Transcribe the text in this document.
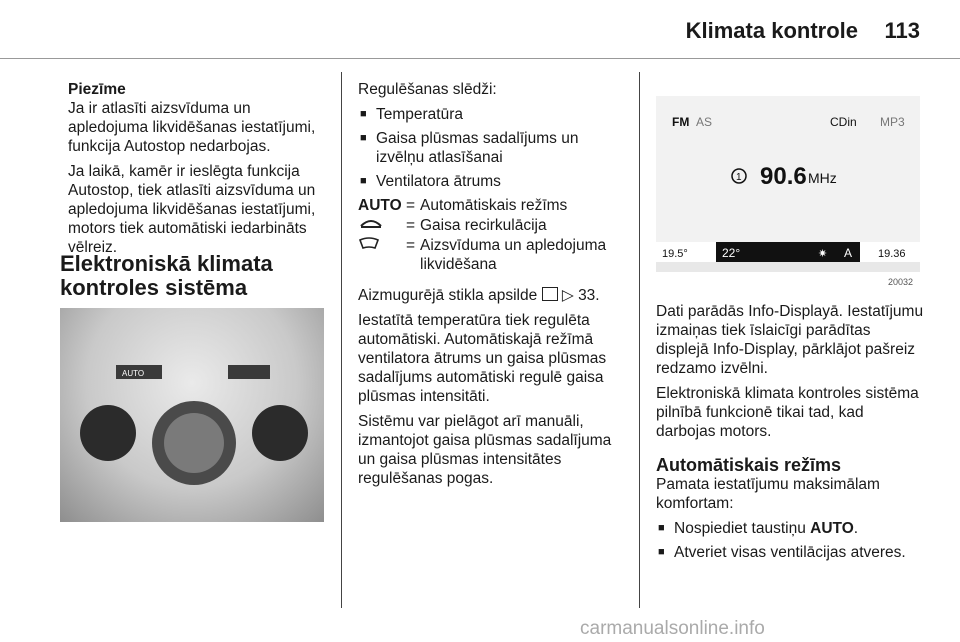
Klimata kontrole 113
Piezīme

Ja ir atlasīti aizsvīduma un apledojuma likvidēšanas iestatījumi, funkcija Autostop nedarbojas.

Ja laikā, kamēr ir ieslēgta funkcija Autostop, tiek atlasīti aizsvīduma un apledojuma likvidēšanas iestatījumi, motors tiek automātiski iedarbināts vēlreiz.

Elektroniskā klimata kontroles sistēma
AUTO

Regulēšanas slēdži:

■ Temperatūra
■ Gaisa plūsmas sadalījums un izvēlņu atlasīšanai
■ Ventilatora ātrums
AUTO = Automātiskais režīms
= Gaisa recirkulācija
= Aizsvīduma un apledojuma likvidēšana

Aizmugurējā stikla apsilde ▷ 33.

Iestatītā temperatūra tiek regulēta automātiski. Automātiskajā režīmā ventilatora ātrums un gaisa plūsmas sadalījums automātiski regulē gaisa plūsmas intensitāti.

Sistēmu var pielāgot arī manuāli, izmantojot gaisa plūsmas sadalījuma un gaisa plūsmas intensitātes regulēšanas pogas.

FM AS	CDin MP3
1 90.6 MHz
19.5°	22°	✷ A 19.36
20032

Dati parādās Info-Displayā. Iestatījumu izmaiņas tiek īslaicīgi parādītas displejā Info-Display, pārklājot pašreiz redzamo izvēlni.

Elektroniskā klimata kontroles sistēma pilnībā funkcionē tikai tad, kad darbojas motors.

Automātiskais režīms

Pamata iestatījumu maksimālam komfortam:

■ Nospiediet taustiņu AUTO.
■ Atveriet visas ventilācijas atveres.
carmanualsonline.info
